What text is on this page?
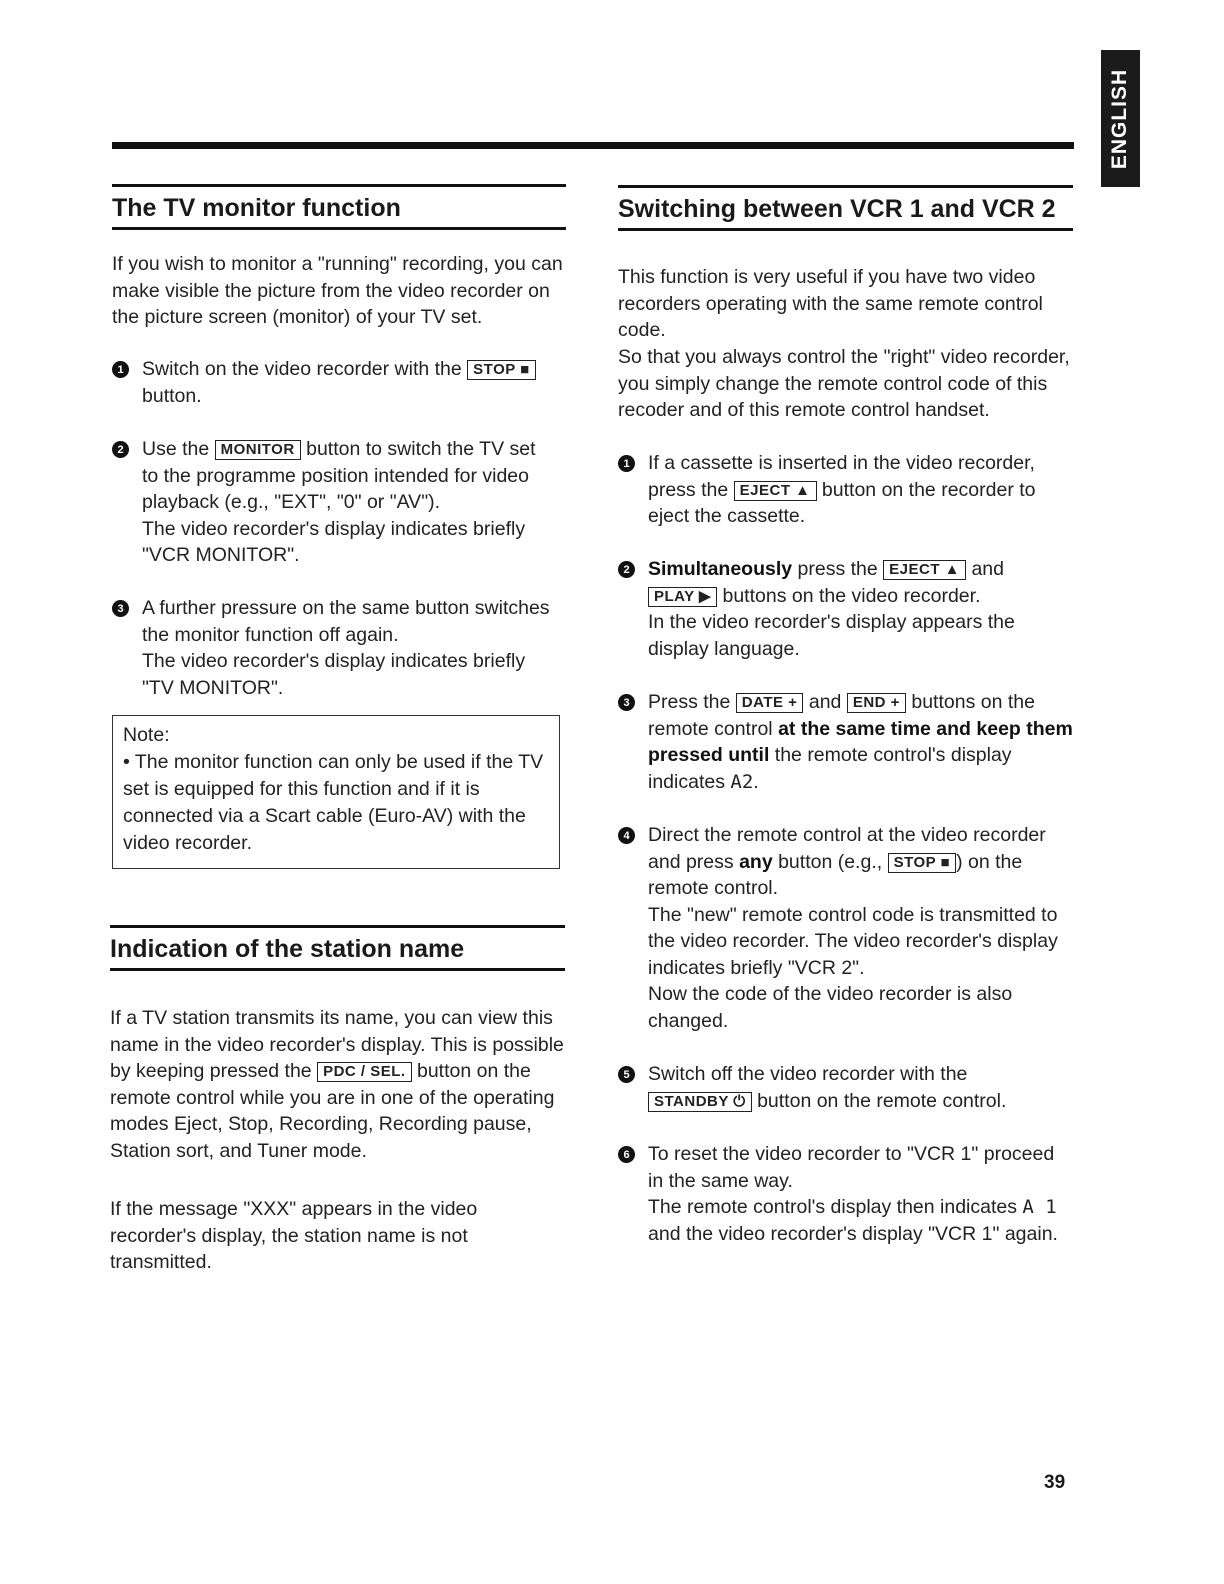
ENGLISH
The TV monitor function

If you wish to monitor a "running" recording, you can make visible the picture from the video recorder on the picture screen (monitor) of your TV set.

1 Switch on the video recorder with the STOP ■ button.
2 Use the MONITOR button to switch the TV set to the programme position intended for video playback (e.g., "EXT", "0" or "AV").
The video recorder's display indicates briefly "VCR MONITOR".
3 A further pressure on the same button switches the monitor function off again.
The video recorder's display indicates briefly "TV MONITOR".
Note:
• The monitor function can only be used if the TV set is equipped for this function and if it is connected via a Scart cable (Euro-AV) with the video recorder.
Indication of the station name

If a TV station transmits its name, you can view this name in the video recorder's display. This is possible by keeping pressed the PDC / SEL. button on the remote control while you are in one of the operating modes Eject, Stop, Recording, Recording pause, Station sort, and Tuner mode.

If the message "XXX" appears in the video recorder's display, the station name is not transmitted.

Switching between VCR 1 and VCR 2

This function is very useful if you have two video recorders operating with the same remote control code.

So that you always control the "right" video recorder, you simply change the remote control code of this recoder and of this remote control handset.

1 If a cassette is inserted in the video recorder, press the EJECT ▲ button on the recorder to eject the cassette.
2 Simultaneously press the EJECT ▲ and PLAY ▶ buttons on the video recorder.
In the video recorder's display appears the display language.
3 Press the DATE + and END + buttons on the remote control at the same time and keep them pressed until the remote control's display indicates A2.
4 Direct the remote control at the video recorder and press any button (e.g., STOP ■ ) on the remote control.
The "new" remote control code is transmitted to the video recorder. The video recorder's display indicates briefly "VCR 2".
Now the code of the video recorder is also changed.
5 Switch off the video recorder with the STANDBY ⏻ button on the remote control.
6 To reset the video recorder to "VCR 1" proceed in the same way.
The remote control's display then indicates A 1 and the video recorder's display "VCR 1" again.
39
